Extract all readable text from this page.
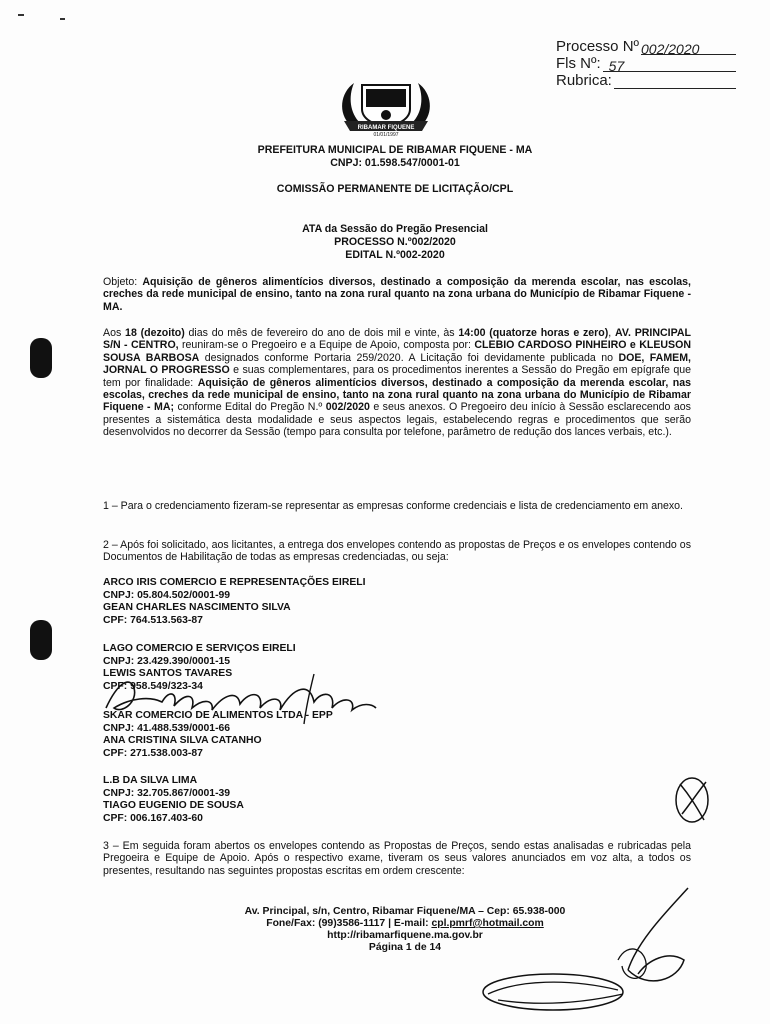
Processo Nº 002/2020
Fls Nº: 57
Rubrica:
RIBAMAR FIQUENE
01/01/1997
PREFEITURA MUNICIPAL DE RIBAMAR FIQUENE - MA
CNPJ: 01.598.547/0001-01
COMISSÃO PERMANENTE DE LICITAÇÃO/CPL
ATA da Sessão do Pregão Presencial
PROCESSO N.º002/2020
EDITAL N.º002-2020
Objeto: Aquisição de gêneros alimentícios diversos, destinado a composição da merenda escolar, nas escolas, creches da rede municipal de ensino, tanto na zona rural quanto na zona urbana do Município de Ribamar Fiquene - MA.
Aos 18 (dezoito) dias do mês de fevereiro do ano de dois mil e vinte, às 14:00 (quatorze horas e zero), AV. PRINCIPAL S/N - CENTRO, reuniram-se o Pregoeiro e a Equipe de Apoio, composta por: CLEBIO CARDOSO PINHEIRO e KLEUSON SOUSA BARBOSA designados conforme Portaria 259/2020. A Licitação foi devidamente publicada no DOE, FAMEM, JORNAL O PROGRESSO e suas complementares, para os procedimentos inerentes a Sessão do Pregão em epígrafe que tem por finalidade: Aquisição de gêneros alimentícios diversos, destinado a composição da merenda escolar, nas escolas, creches da rede municipal de ensino, tanto na zona rural quanto na zona urbana do Município de Ribamar Fiquene - MA; conforme Edital do Pregão N.º 002/2020 e seus anexos. O Pregoeiro deu início à Sessão esclarecendo aos presentes a sistemática desta modalidade e seus aspectos legais, estabelecendo regras e procedimentos que serão desenvolvidos no decorrer da Sessão (tempo para consulta por telefone, parâmetro de redução dos lances verbais, etc.).
1 – Para o credenciamento fizeram-se representar as empresas conforme credenciais e lista de credenciamento em anexo.
2 – Após foi solicitado, aos licitantes, a entrega dos envelopes contendo as propostas de Preços e os envelopes contendo os Documentos de Habilitação de todas as empresas credenciadas, ou seja:
ARCO IRIS COMERCIO E REPRESENTAÇÕES EIRELI
CNPJ: 05.804.502/0001-99
GEAN CHARLES NASCIMENTO SILVA
CPF: 764.513.563-87
LAGO COMERCIO E SERVIÇOS EIRELI
CNPJ: 23.429.390/0001-15
LEWIS SANTOS TAVARES
CPF: 958.549/323-34
SKAR COMERCIO DE ALIMENTOS LTDA - EPP
CNPJ: 41.488.539/0001-66
ANA CRISTINA SILVA CATANHO
CPF: 271.538.003-87
L.B DA SILVA LIMA
CNPJ: 32.705.867/0001-39
TIAGO EUGENIO DE SOUSA
CPF: 006.167.403-60
3 – Em seguida foram abertos os envelopes contendo as Propostas de Preços, sendo estas analisadas e rubricadas pela Pregoeira e Equipe de Apoio. Após o respectivo exame, tiveram os seus valores anunciados em voz alta, a todos os presentes, resultando nas seguintes propostas escritas em ordem crescente:
Av. Principal, s/n, Centro, Ribamar Fiquene/MA – Cep: 65.938-000
Fone/Fax: (99)3586-1117 | E-mail: cpl.pmrf@hotmail.com
http://ribamarfiquene.ma.gov.br
Página 1 de 14
